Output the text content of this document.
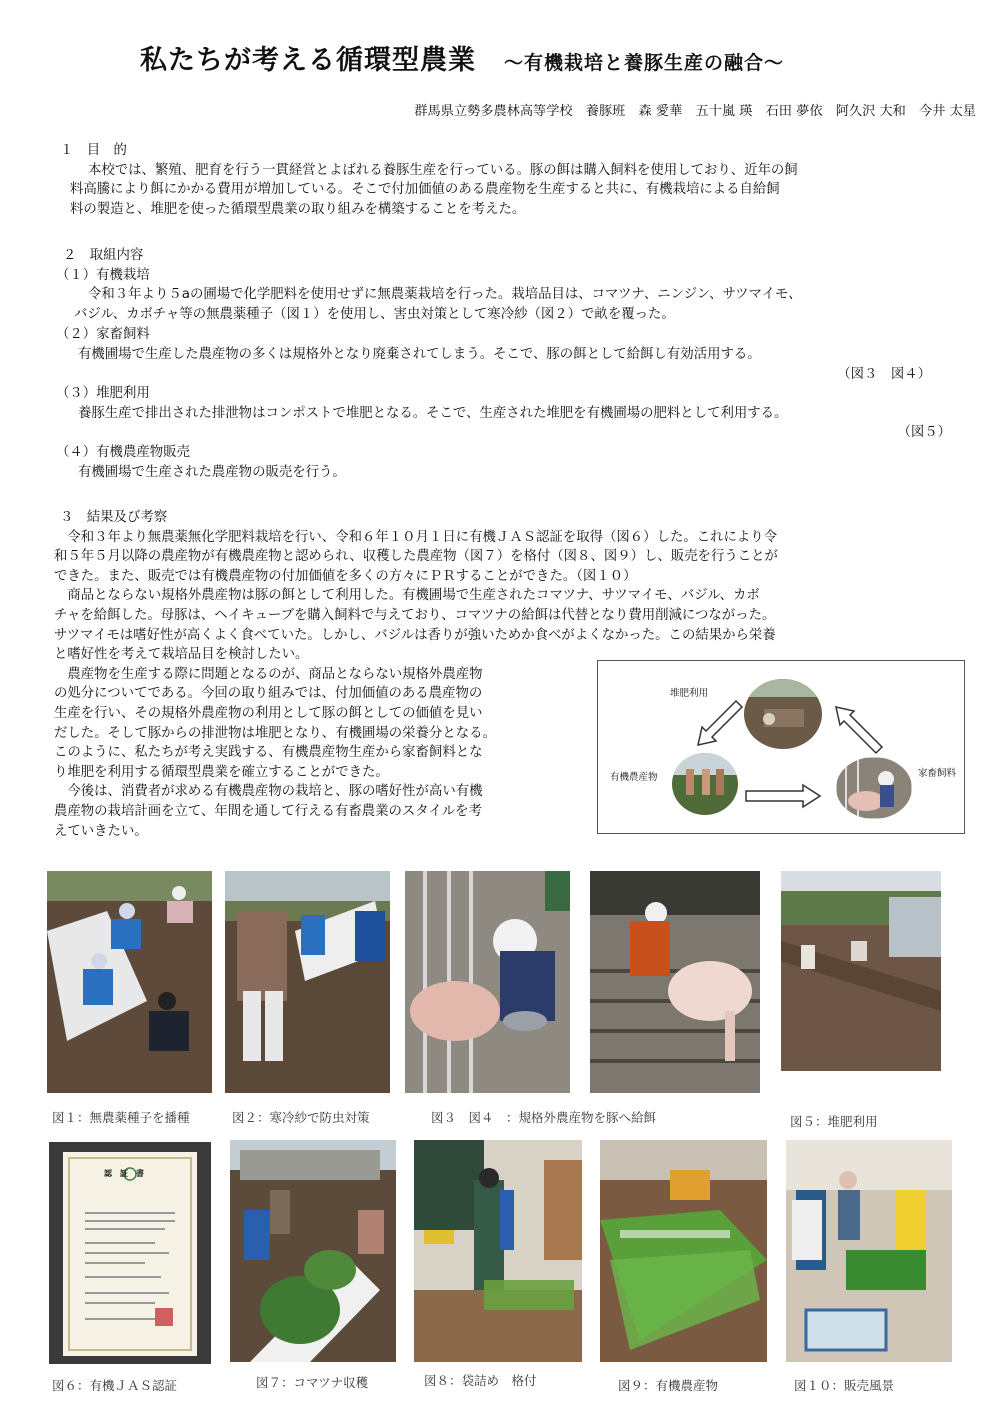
私たちが考える循環型農業 ～有機栽培と養豚生産の融合～
群馬県立勢多農林高等学校　養豚班　森 愛華　五十嵐 瑛　石田 夢依　阿久沢 大和　今井 太星
１　目　的
本校では、繁殖、肥育を行う一貫経営とよばれる養豚生産を行っている。豚の餌は購入飼料を使用しており、近年の飼
料高騰により餌にかかる費用が増加している。そこで付加価値のある農産物を生産すると共に、有機栽培による自給飼
料の製造と、堆肥を使った循環型農業の取り組みを構築することを考えた。
２　取組内容
（１）有機栽培
令和３年より５aの圃場で化学肥料を使用せずに無農薬栽培を行った。栽培品目は、コマツナ、ニンジン、サツマイモ、
バジル、カボチャ等の無農薬種子（図１）を使用し、害虫対策として寒冷紗（図２）で畝を覆った。
（２）家畜飼料
有機圃場で生産した農産物の多くは規格外となり廃棄されてしまう。そこで、豚の餌として給餌し有効活用する。
（図３　図４）
（３）堆肥利用
養豚生産で排出された排泄物はコンポストで堆肥となる。そこで、生産された堆肥を有機圃場の肥料として利用する。
（図５）
（４）有機農産物販売
有機圃場で生産された農産物の販売を行う。
３　結果及び考察
　令和３年より無農薬無化学肥料栽培を行い、令和６年１０月１日に有機ＪＡＳ認証を取得（図６）した。これにより令
和５年５月以降の農産物が有機農産物と認められ、収穫した農産物（図７）を格付（図８、図９）し、販売を行うことが
できた。また、販売では有機農産物の付加価値を多くの方々にＰＲすることができた。（図１０）
　商品とならない規格外農産物は豚の餌として利用した。有機圃場で生産されたコマツナ、サツマイモ、バジル、カボ
チャを給餌した。母豚は、ヘイキューブを購入飼料で与えており、コマツナの給餌は代替となり費用削減につながった。
サツマイモは嗜好性が高くよく食べていた。しかし、バジルは香りが強いためか食べがよくなかった。この結果から栄養
と嗜好性を考えて栽培品目を検討したい。
　農産物を生産する際に問題となるのが、商品とならない規格外農産物
の処分についてである。今回の取り組みでは、付加価値のある農産物の
生産を行い、その規格外農産物の利用として豚の餌としての価値を見い
だした。そして豚からの排泄物は堆肥となり、有機圃場の栄養分となる。
このように、私たちが考え実践する、有機農産物生産から家畜飼料とな
り堆肥を利用する循環型農業を確立することができた。
　今後は、消費者が求める有機農産物の栽培と、豚の嗜好性が高い有機
農産物の栽培計画を立て、年間を通して行える有畜農業のスタイルを考
えていきたい。
堆肥利用
有機農産物	家畜飼料
図１：無農薬種子を播種	図２：寒冷紗で防虫対策	図３　図４　：規格外農産物を豚へ給餌	図５：堆肥利用
認　証　書
図６：有機ＪＡＳ認証	図７：コマツナ収穫	図８：袋詰め　格付	図９：有機農産物	図１０：販売風景
